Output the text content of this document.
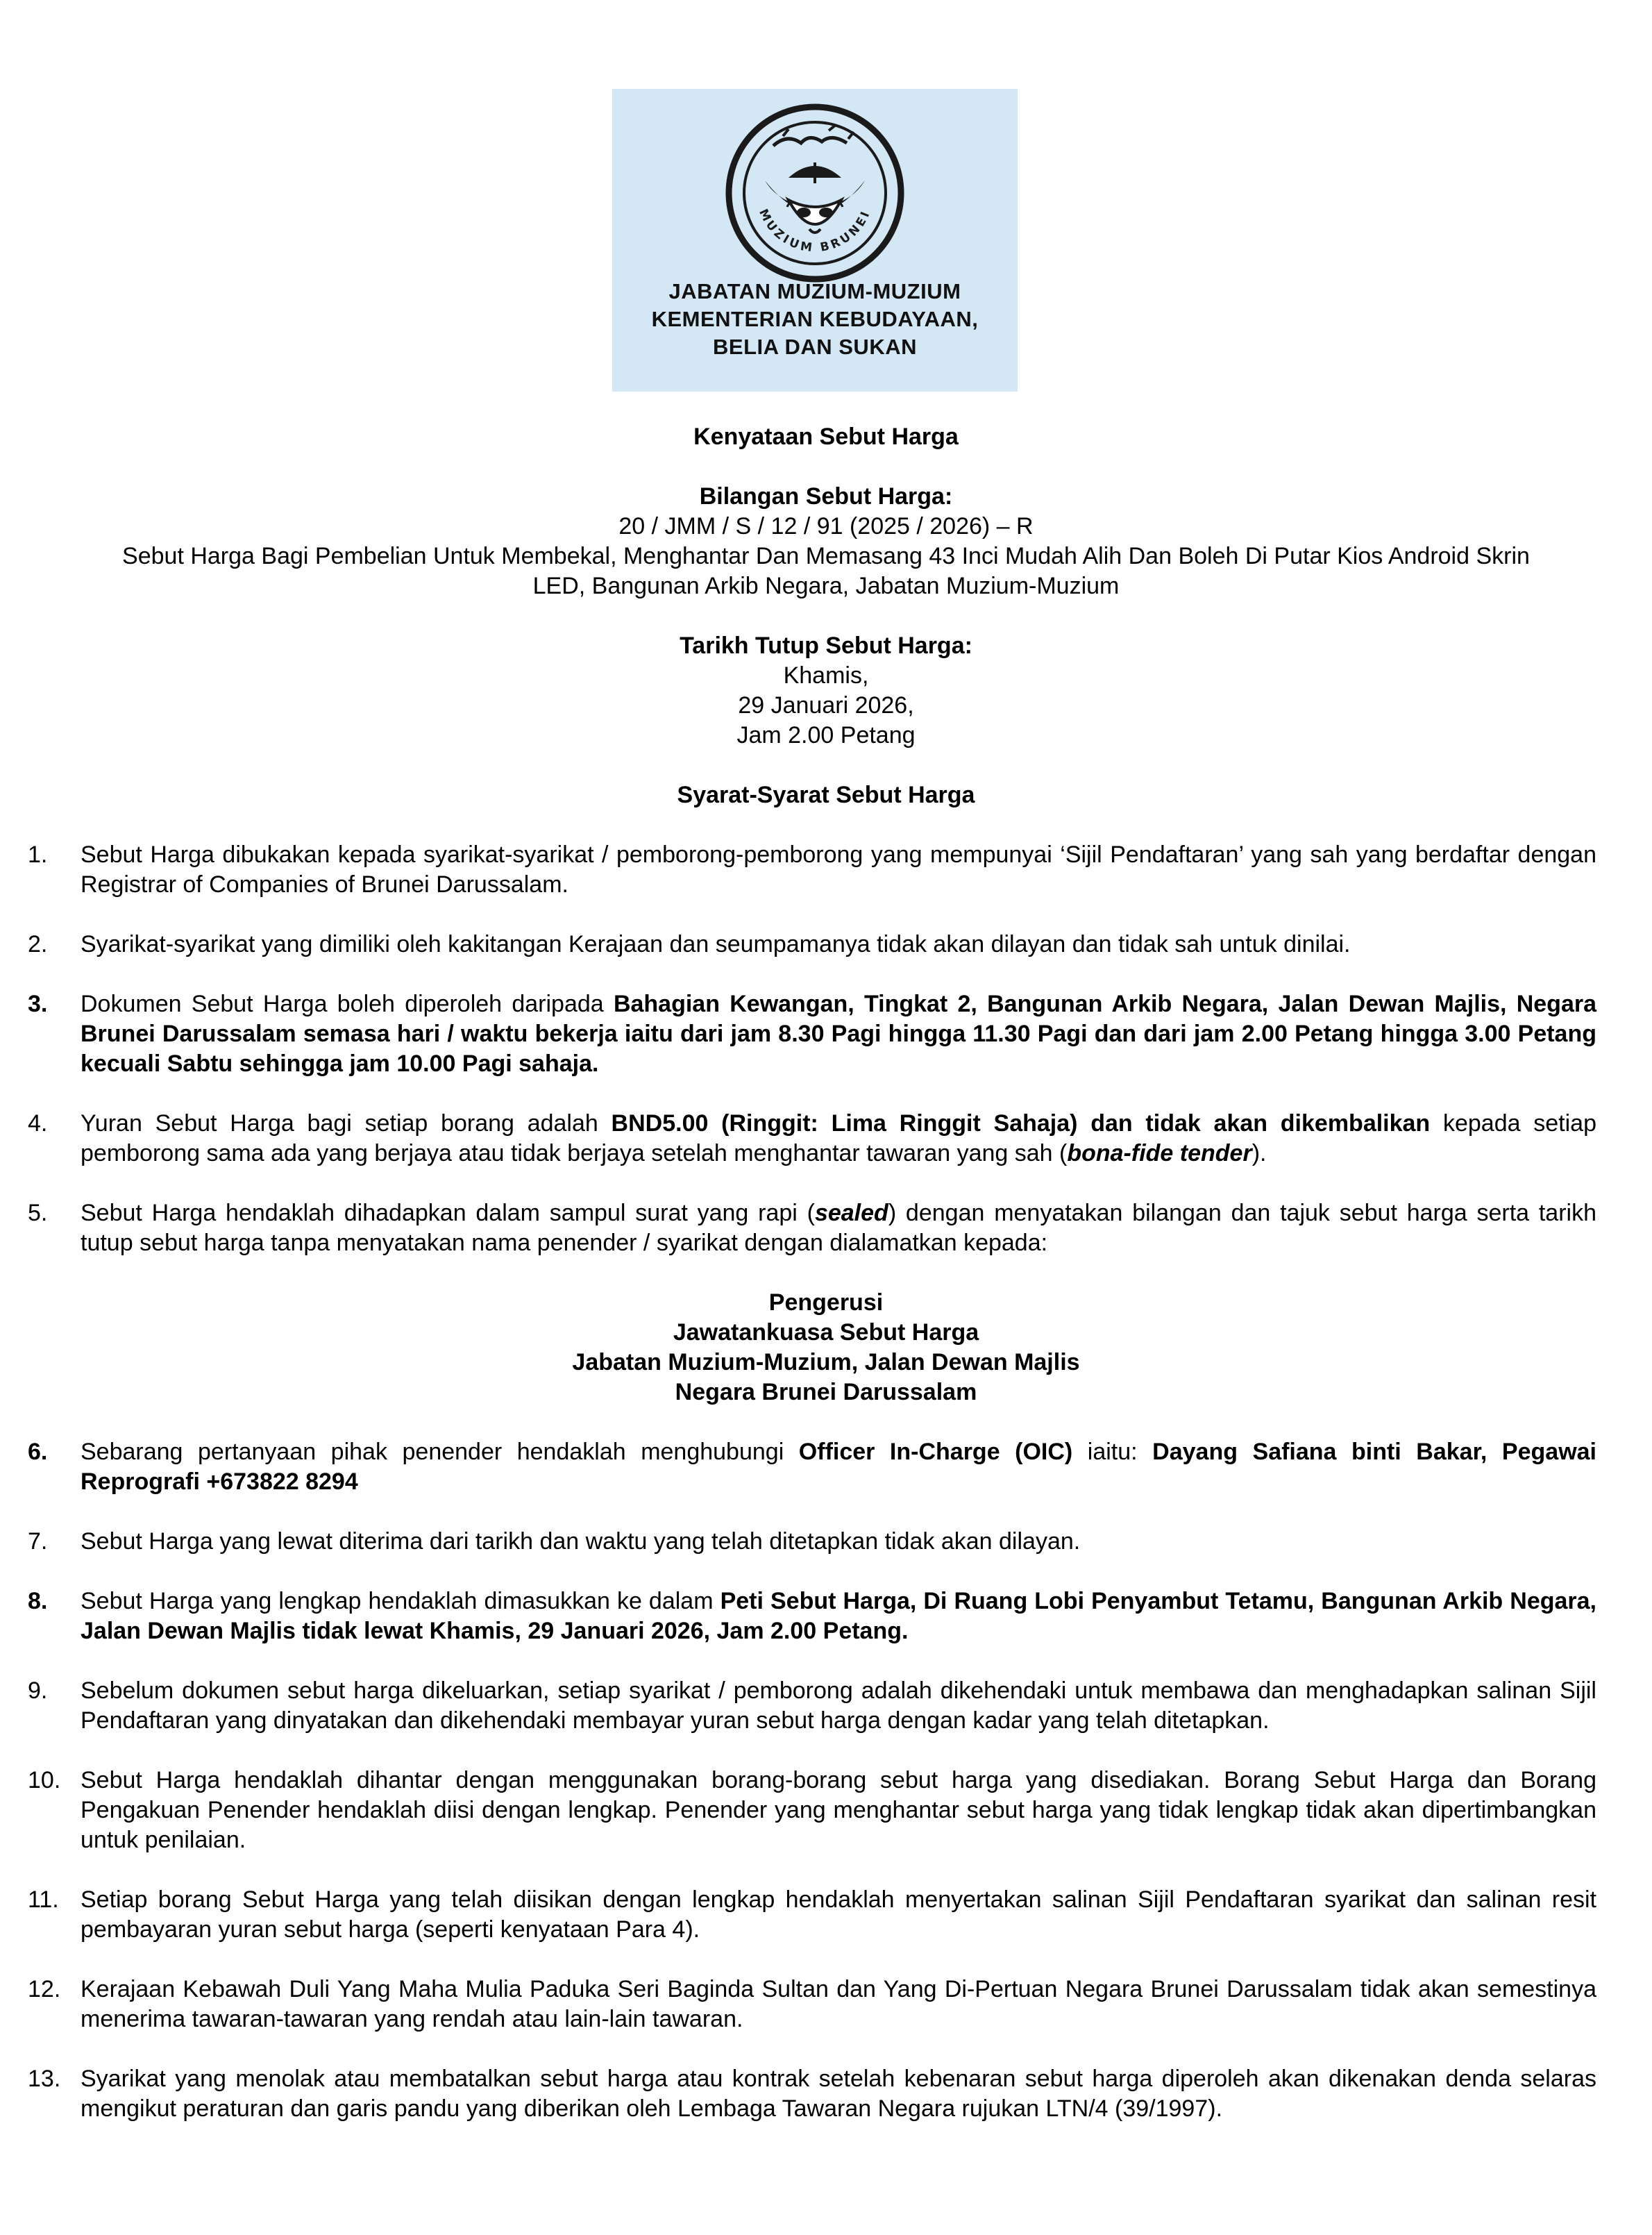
MUZIUM BRUNEI
JABATAN MUZIUM-MUZIUM
KEMENTERIAN KEBUDAYAAN,
BELIA DAN SUKAN
Kenyataan Sebut Harga
Bilangan Sebut Harga:
20 / JMM / S / 12 / 91 (2025 / 2026) – R
Sebut Harga Bagi Pembelian Untuk Membekal, Menghantar Dan Memasang 43 Inci Mudah Alih Dan Boleh Di Putar Kios Android Skrin
LED, Bangunan Arkib Negara, Jabatan Muzium-Muzium
Tarikh Tutup Sebut Harga:
Khamis,
29 Januari 2026,
Jam 2.00 Petang
Syarat-Syarat Sebut Harga
1. Sebut Harga dibukakan kepada syarikat-syarikat / pemborong-pemborong yang mempunyai ‘Sijil Pendaftaran’ yang sah yang berdaftar dengan Registrar of Companies of Brunei Darussalam.
2. Syarikat-syarikat yang dimiliki oleh kakitangan Kerajaan dan seumpamanya tidak akan dilayan dan tidak sah untuk dinilai.
3. Dokumen Sebut Harga boleh diperoleh daripada Bahagian Kewangan, Tingkat 2, Bangunan Arkib Negara, Jalan Dewan Majlis, Negara Brunei Darussalam semasa hari / waktu bekerja iaitu dari jam 8.30 Pagi hingga 11.30 Pagi dan dari jam 2.00 Petang hingga 3.00 Petang kecuali Sabtu sehingga jam 10.00 Pagi sahaja.
4. Yuran Sebut Harga bagi setiap borang adalah BND5.00 (Ringgit: Lima Ringgit Sahaja) dan tidak akan dikembalikan kepada setiap pemborong sama ada yang berjaya atau tidak berjaya setelah menghantar tawaran yang sah (bona-fide tender).
5. Sebut Harga hendaklah dihadapkan dalam sampul surat yang rapi (sealed) dengan menyatakan bilangan dan tajuk sebut harga serta tarikh tutup sebut harga tanpa menyatakan nama penender / syarikat dengan dialamatkan kepada:
Pengerusi
Jawatankuasa Sebut Harga
Jabatan Muzium-Muzium, Jalan Dewan Majlis
Negara Brunei Darussalam
6. Sebarang pertanyaan pihak penender hendaklah menghubungi Officer In-Charge (OIC) iaitu: Dayang Safiana binti Bakar, Pegawai Reprografi +673822 8294
7. Sebut Harga yang lewat diterima dari tarikh dan waktu yang telah ditetapkan tidak akan dilayan.
8. Sebut Harga yang lengkap hendaklah dimasukkan ke dalam Peti Sebut Harga, Di Ruang Lobi Penyambut Tetamu, Bangunan Arkib Negara, Jalan Dewan Majlis tidak lewat Khamis, 29 Januari 2026, Jam 2.00 Petang.
9. Sebelum dokumen sebut harga dikeluarkan, setiap syarikat / pemborong adalah dikehendaki untuk membawa dan menghadapkan salinan Sijil Pendaftaran yang dinyatakan dan dikehendaki membayar yuran sebut harga dengan kadar yang telah ditetapkan.
10. Sebut Harga hendaklah dihantar dengan menggunakan borang-borang sebut harga yang disediakan. Borang Sebut Harga dan Borang Pengakuan Penender hendaklah diisi dengan lengkap. Penender yang menghantar sebut harga yang tidak lengkap tidak akan dipertimbangkan untuk penilaian.
11. Setiap borang Sebut Harga yang telah diisikan dengan lengkap hendaklah menyertakan salinan Sijil Pendaftaran syarikat dan salinan resit pembayaran yuran sebut harga (seperti kenyataan Para 4).
12. Kerajaan Kebawah Duli Yang Maha Mulia Paduka Seri Baginda Sultan dan Yang Di-Pertuan Negara Brunei Darussalam tidak akan semestinya menerima tawaran-tawaran yang rendah atau lain-lain tawaran.
13. Syarikat yang menolak atau membatalkan sebut harga atau kontrak setelah kebenaran sebut harga diperoleh akan dikenakan denda selaras mengikut peraturan dan garis pandu yang diberikan oleh Lembaga Tawaran Negara rujukan LTN/4 (39/1997).
